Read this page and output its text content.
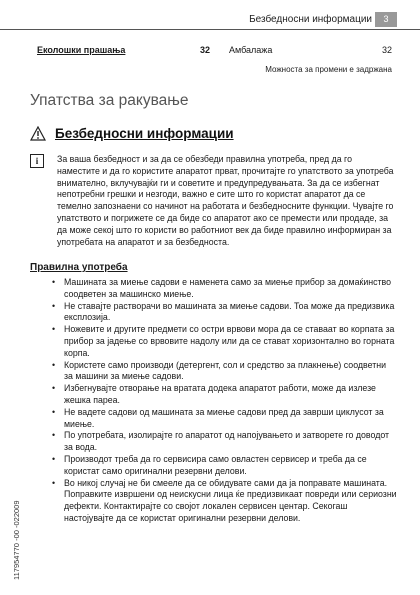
Безбедносни информации	3
Еколошки прашања	32 Амбалажа	32
Можноста за промени е задржана
Упатства за ракување
Безбедносни информации
i	За ваша безбедност и за да се обезбеди правилна употреба, пред да го наместите и да го користите апаратот прват, прочитајте го упатството за употреба внимателно, вклучувајќи ги и советите и предупредувањата. За да се избегнат непотребни грешки и незгоди, важно е сите што го користат апаратот да се темелно запознаени со начинот на работата и безбедносните функции. Чувајте го упатството и погрижете се да биде со апаратот ако се премести или продаде, за да може секој што го користи во работниот век да биде правилно информиран за употребата на апаратот и за безбедноста.

Правилна употреба
• Машината за миење садови е наменета само за миење прибор за домаќинство соодветен за машинско миење.
• Не ставајте растворачи во машината за миење садови. Тоа може да предизвика експлозија.
• Ножевите и другите предмети со остри врвови мора да се ставаат во корпата за прибор за јадење со врвовите надолу или да се стават хоризонтално во горната корпа.
• Користете само производи (детергент, сол и средство за плакнење) соодветни за машини за миење садови.
• Избегнувајте отворање на вратата додека апаратот работи, може да излезе жешка пареа.
• Не вадете садови од машината за миење садови пред да заврши циклусот за миење.
• По употребата, изолирајте го апаратот од напојувањето и затворете го доводот за вода.
• Производот треба да го сервисира само овластен сервисер и треба да се користат само оригинални резервни делови.
• Во никој случај не би смееле да се обидувате сами да ја поправате машината. Поправките извршени од неискусни лица ќе предизвикаат повреди или сериозни дефекти. Контактирајте со својот локален сервисен центар. Секогаш настојувајте да се користат оригинални резервни делови.
117954770 -00 -022009
